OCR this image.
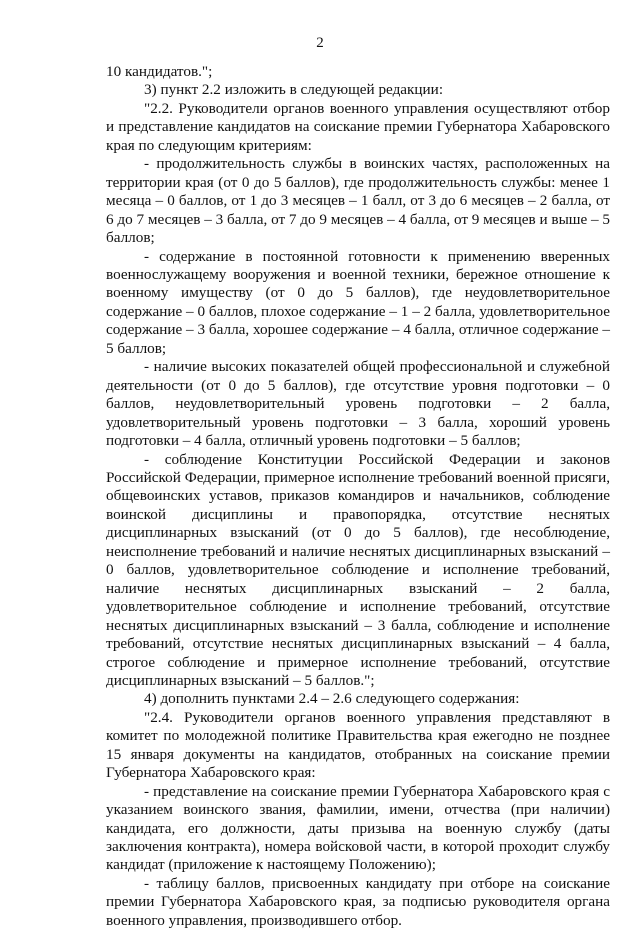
2

10 кандидатов.";

3) пункт 2.2 изложить в следующей редакции:

"2.2. Руководители органов военного управления осуществляют отбор и представление кандидатов на соискание премии Губернатора Хабаровского края по следующим критериям:

- продолжительность службы в воинских частях, расположенных на территории края (от 0 до 5 баллов), где продолжительность службы: менее 1 месяца – 0 баллов, от 1 до 3 месяцев – 1 балл, от 3 до 6 месяцев – 2 балла, от 6 до 7 месяцев – 3 балла, от 7 до 9 месяцев – 4 балла, от 9 месяцев и выше – 5 баллов;

- содержание в постоянной готовности к применению вверенных военнослужащему вооружения и военной техники, бережное отношение к военному имуществу (от 0 до 5 баллов), где неудовлетворительное содержание – 0 баллов, плохое содержание – 1 – 2 балла, удовлетворительное содержание – 3 балла, хорошее содержание – 4 балла, отличное содержание – 5 баллов;

- наличие высоких показателей общей профессиональной и служебной деятельности (от 0 до 5 баллов), где отсутствие уровня подготовки – 0 баллов, неудовлетворительный уровень подготовки – 2 балла, удовлетворительный уровень подготовки – 3 балла, хороший уровень подготовки – 4 балла, отличный уровень подготовки – 5 баллов;

- соблюдение Конституции Российской Федерации и законов Российской Федерации, примерное исполнение требований военной присяги, общевоинских уставов, приказов командиров и начальников, соблюдение воинской дисциплины и правопорядка, отсутствие неснятых дисциплинарных взысканий (от 0 до 5 баллов), где несоблюдение, неисполнение требований и наличие неснятых дисциплинарных взысканий – 0 баллов, удовлетворительное соблюдение и исполнение требований, наличие неснятых дисциплинарных взысканий – 2 балла, удовлетворительное соблюдение и исполнение требований, отсутствие неснятых дисциплинарных взысканий – 3 балла, соблюдение и исполнение требований, отсутствие неснятых дисциплинарных взысканий – 4 балла, строгое соблюдение и примерное исполнение требований, отсутствие дисциплинарных взысканий – 5 баллов.";

4) дополнить пунктами 2.4 – 2.6 следующего содержания:

"2.4. Руководители органов военного управления представляют в комитет по молодежной политике Правительства края ежегодно не позднее 15 января документы на кандидатов, отобранных на соискание премии Губернатора Хабаровского края:

- представление на соискание премии Губернатора Хабаровского края с указанием воинского звания, фамилии, имени, отчества (при наличии) кандидата, его должности, даты призыва на военную службу (даты заключения контракта), номера войсковой части, в которой проходит службу кандидат (приложение к настоящему Положению);

- таблицу баллов, присвоенных кандидату при отборе на соискание премии Губернатора Хабаровского края, за подписью руководителя органа военного управления, производившего отбор.
